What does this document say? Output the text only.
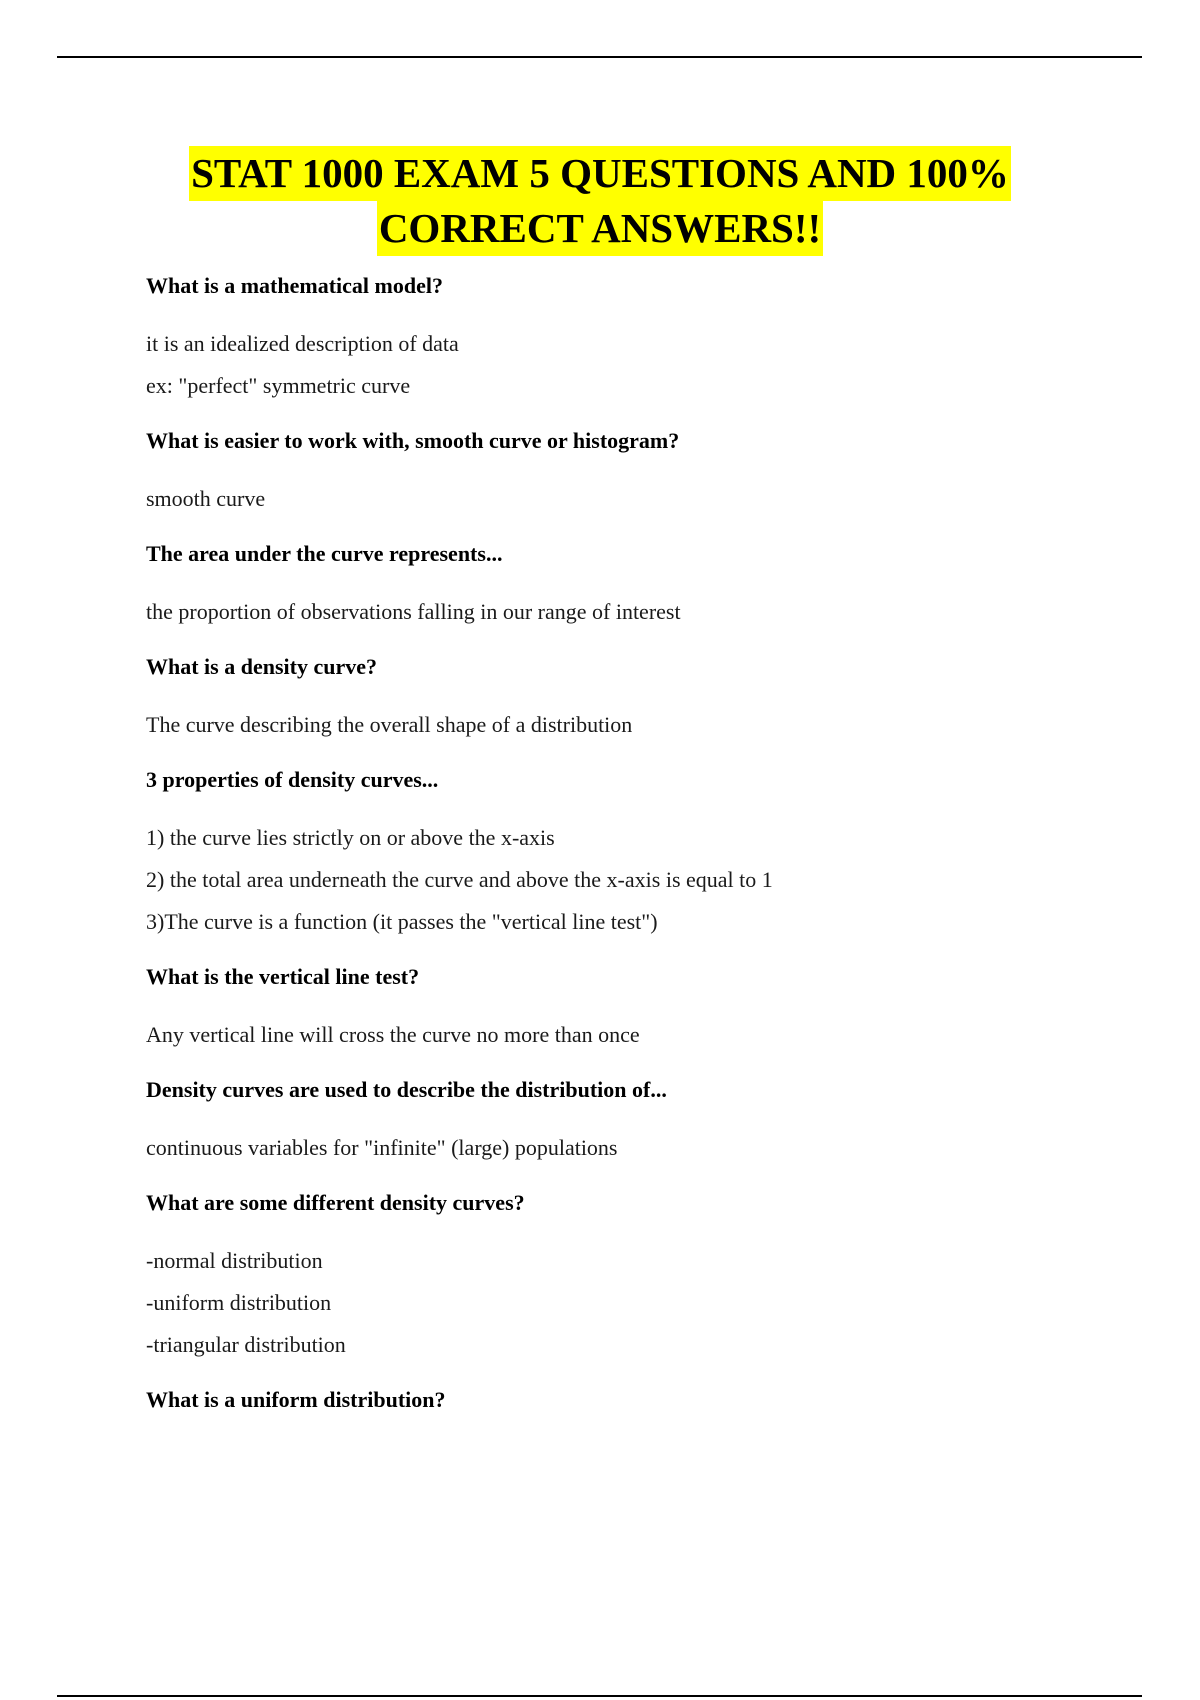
STAT 1000 EXAM 5 QUESTIONS AND 100%
CORRECT ANSWERS!!
What is a mathematical model?
it is an idealized description of data
ex: "perfect" symmetric curve
What is easier to work with, smooth curve or histogram?
smooth curve
The area under the curve represents...
the proportion of observations falling in our range of interest
What is a density curve?
The curve describing the overall shape of a distribution
3 properties of density curves...
1) the curve lies strictly on or above the x-axis
2) the total area underneath the curve and above the x-axis is equal to 1
3)The curve is a function (it passes the "vertical line test")
What is the vertical line test?
Any vertical line will cross the curve no more than once
Density curves are used to describe the distribution of...
continuous variables for "infinite" (large) populations
What are some different density curves?
-normal distribution
-uniform distribution
-triangular distribution
What is a uniform distribution?
